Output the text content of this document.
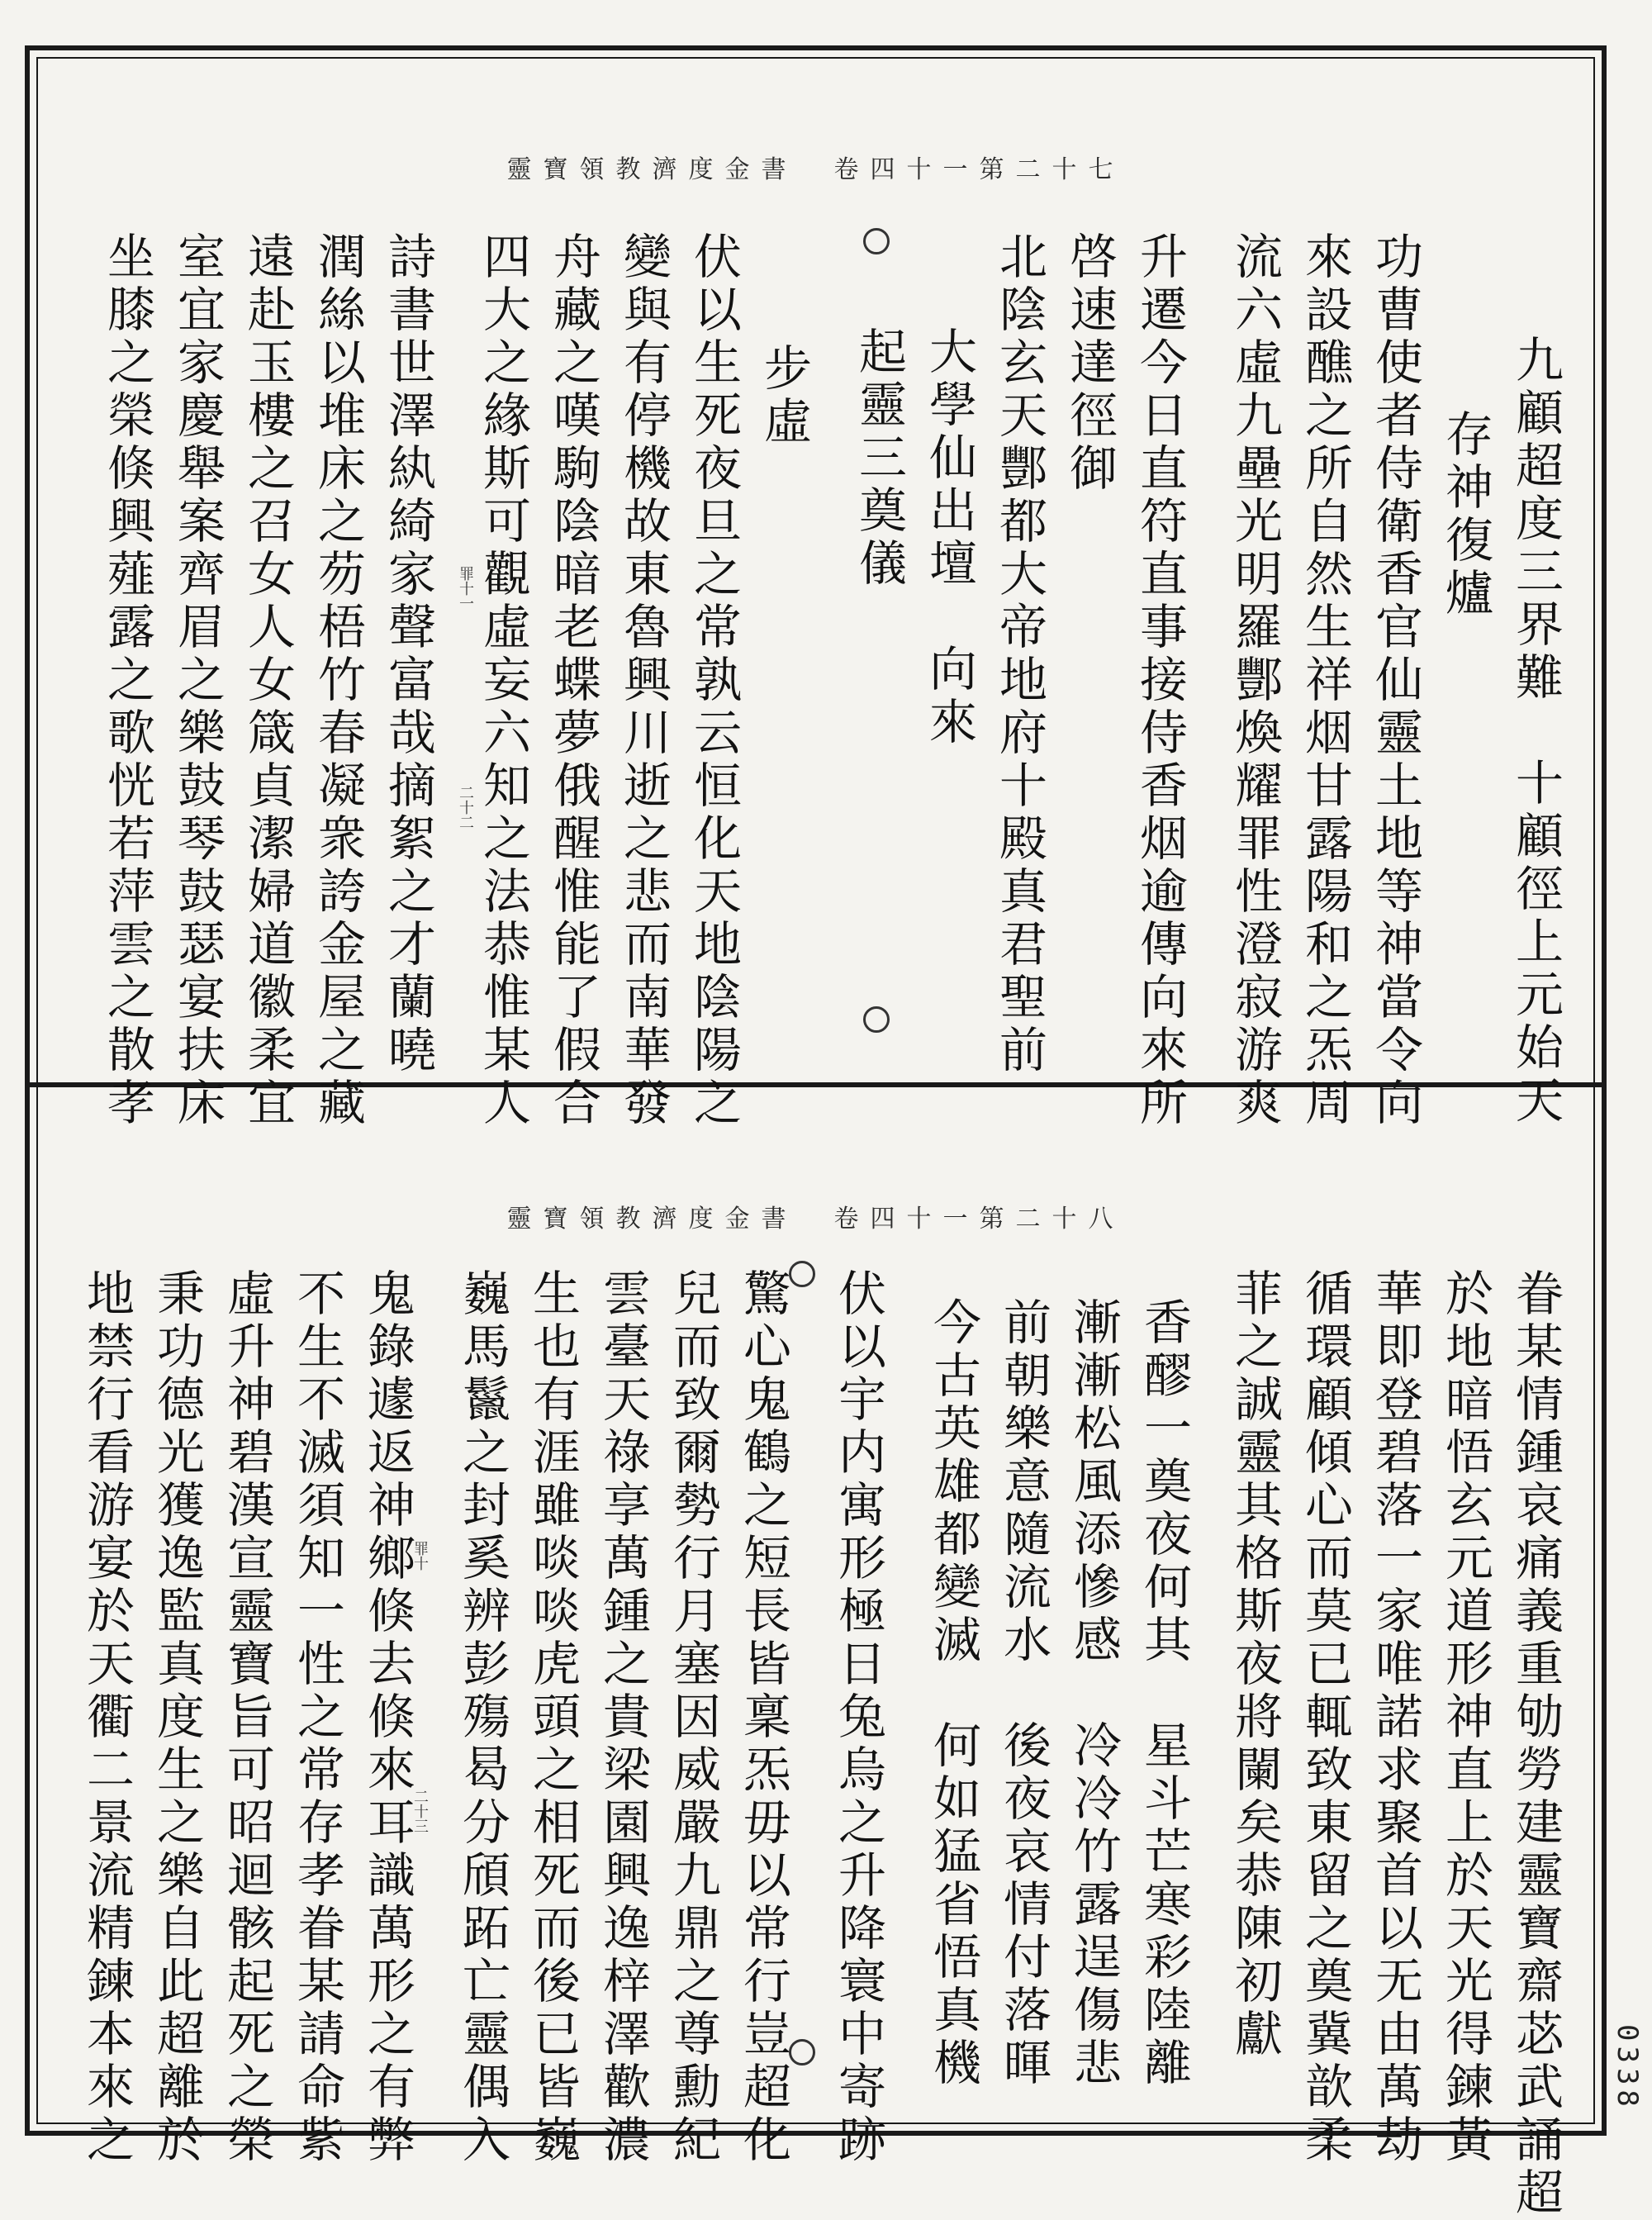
靈寶領教濟度金書　卷四十一第二十七
罪十一
二十二	九顧超度三界難　十顧徑上元始天
存神復爐
功曹使者侍衛香官仙靈土地等神當令向
來設醮之所自然生祥烟甘露陽和之炁周
流六虛九壘光明羅酆煥耀罪性澄寂游爽
升遷今日直符直事接侍香烟逾傳向來所
啓速達徑御
北陰玄天酆都大帝地府十殿真君聖前
大學仙出壇　向來
起靈三奠儀
步虛
伏以生死夜旦之常孰云恒化天地陰陽之
變與有停機故東魯興川逝之悲而南華發
舟藏之嘆駒陰暗老蝶夢俄醒惟能了假合
四大之緣斯可觀虛妄六知之法恭惟某人
詩書世澤紈綺家聲富哉摘絮之才蘭曉
潤絲以堆床之芴梧竹春凝衆誇金屋之藏
遠赴玉樓之召女人女箴貞潔婦道徽柔宜
室宜家慶舉案齊眉之樂鼓琴鼓瑟宴扶床
坐膝之榮倏興薤露之歌恍若萍雲之散孝
靈寶領教濟度金書　卷四十一第二十八
罪十
二十三	眷某情鍾哀痛義重劬勞建靈寶齋苾武誦超
於地暗悟玄元道形神直上於天光得鍊黃
華即登碧落一家唯諾求聚首以无由萬劫
循環顧傾心而莫已輒致東留之奠冀歆柔
菲之誠靈其格斯夜將闌矣恭陳初獻
香醪一奠夜何其　星斗芒寒彩陸離
漸漸松風添慘感　冷冷竹露逞傷悲
前朝樂意隨流水　後夜哀情付落暉
今古英雄都變滅　何如猛省悟真機
伏以宇内寓形極日兔烏之升降寰中寄跡
驚心鬼鶴之短長皆稟炁毋以常行豈超化
兒而致爾勢行月塞因威嚴九鼎之尊勳紀
雲臺天祿享萬鍾之貴梁園興逸梓澤歡濃
生也有涯雖啖啖虎頭之相死而後已皆巍
巍馬鬣之封奚辨彭殤曷分頎跖亡靈偶入
鬼錄遽返神鄉倏去倏來耳識萬形之有弊
不生不滅須知一性之常存孝眷某請命紫
虛升神碧漢宣靈寶旨可昭迴骸起死之榮
秉功德光獲逸監真度生之樂自此超離於
地禁行看游宴於天衢二景流精鍊本來之	0338
